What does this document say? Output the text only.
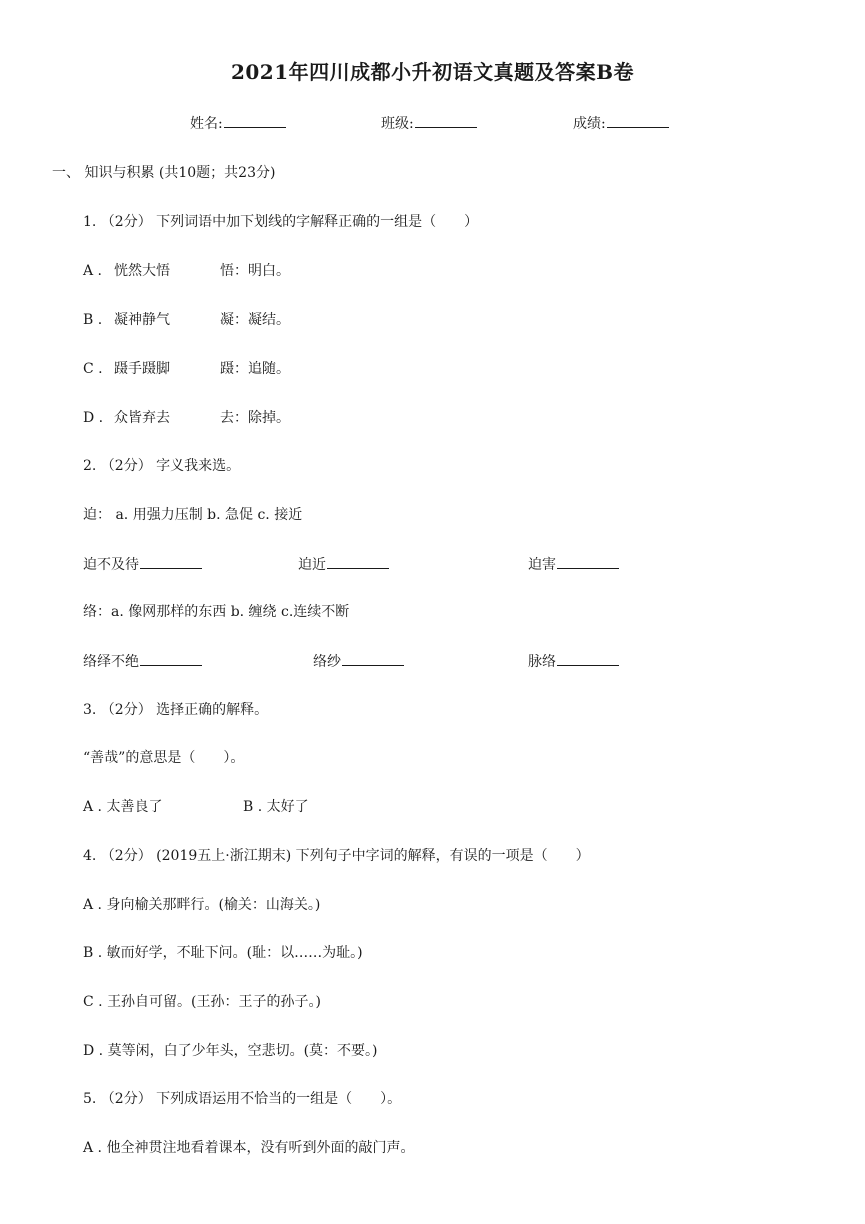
2021年四川成都小升初语文真题及答案B卷
姓名:	班级:	成绩:
一、 知识与积累 (共10题；共23分)
1. （2分） 下列词语中加下划线的字解释正确的一组是（　　）
A . 恍然大悟	悟：明白。
B . 凝神静气	凝：凝结。
C . 蹑手蹑脚	蹑：追随。
D . 众皆弃去	去：除掉。
2. （2分） 字义我来选。
迫： a. 用强力压制 b. 急促 c. 接近
迫不及待	迫近	迫害
络：a. 像网那样的东西 b. 缠绕 c.连续不断
络绎不绝	络纱	脉络
3. （2分） 选择正确的解释。
“善哉”的意思是（　　）。
A . 太善良了	B . 太好了
4. （2分） (2019五上·浙江期末) 下列句子中字词的解释，有误的一项是（　　）
A . 身向榆关那畔行。(榆关：山海关。)
B . 敏而好学，不耻下问。(耻：以……为耻。)
C . 王孙自可留。(王孙：王子的孙子。)
D . 莫等闲，白了少年头，空悲切。(莫：不要。)
5. （2分） 下列成语运用不恰当的一组是（　　）。
A . 他全神贯注地看着课本，没有听到外面的敲门声。
